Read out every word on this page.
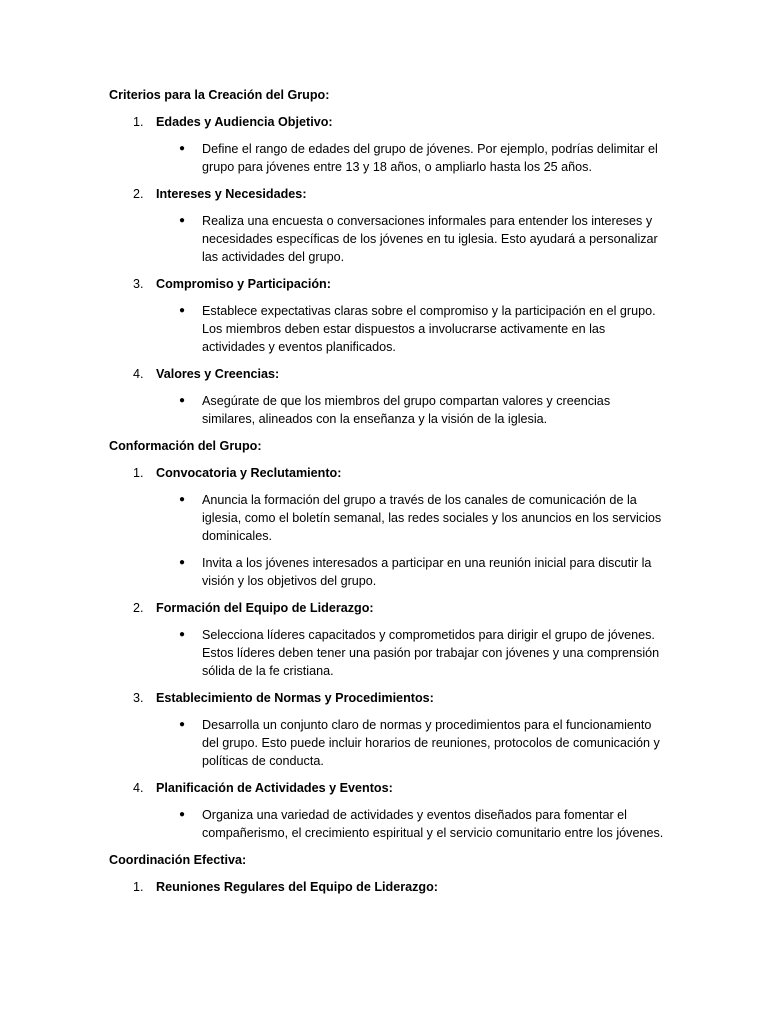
Criterios para la Creación del Grupo:
1. Edades y Audiencia Objetivo:
● Define el rango de edades del grupo de jóvenes. Por ejemplo, podrías delimitar el grupo para jóvenes entre 13 y 18 años, o ampliarlo hasta los 25 años.
2. Intereses y Necesidades:
● Realiza una encuesta o conversaciones informales para entender los intereses y necesidades específicas de los jóvenes en tu iglesia. Esto ayudará a personalizar las actividades del grupo.
3. Compromiso y Participación:
● Establece expectativas claras sobre el compromiso y la participación en el grupo. Los miembros deben estar dispuestos a involucrarse activamente en las actividades y eventos planificados.
4. Valores y Creencias:
● Asegúrate de que los miembros del grupo compartan valores y creencias similares, alineados con la enseñanza y la visión de la iglesia.
Conformación del Grupo:
1. Convocatoria y Reclutamiento:
● Anuncia la formación del grupo a través de los canales de comunicación de la iglesia, como el boletín semanal, las redes sociales y los anuncios en los servicios dominicales.
● Invita a los jóvenes interesados a participar en una reunión inicial para discutir la visión y los objetivos del grupo.
2. Formación del Equipo de Liderazgo:
● Selecciona líderes capacitados y comprometidos para dirigir el grupo de jóvenes. Estos líderes deben tener una pasión por trabajar con jóvenes y una comprensión sólida de la fe cristiana.
3. Establecimiento de Normas y Procedimientos:
● Desarrolla un conjunto claro de normas y procedimientos para el funcionamiento del grupo. Esto puede incluir horarios de reuniones, protocolos de comunicación y políticas de conducta.
4. Planificación de Actividades y Eventos:
● Organiza una variedad de actividades y eventos diseñados para fomentar el compañerismo, el crecimiento espiritual y el servicio comunitario entre los jóvenes.
Coordinación Efectiva:
1. Reuniones Regulares del Equipo de Liderazgo:
